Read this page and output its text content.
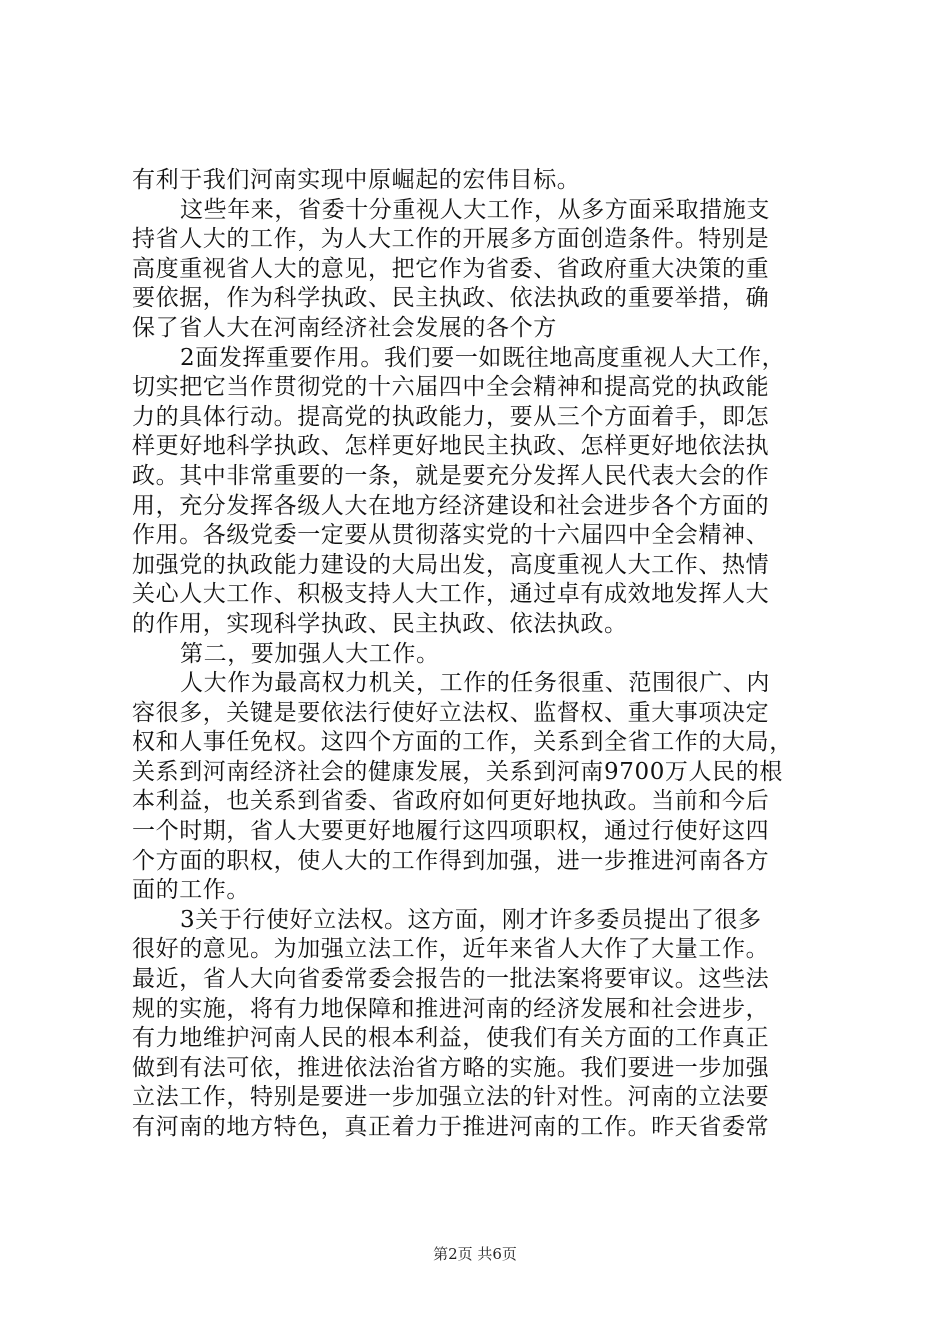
有利于我们河南实现中原崛起的宏伟目标。
这些年来，省委十分重视人大工作，从多方面采取措施支
持省人大的工作，为人大工作的开展多方面创造条件。特别是
高度重视省人大的意见，把它作为省委、省政府重大决策的重
要依据，作为科学执政、民主执政、依法执政的重要举措，确
保了省人大在河南经济社会发展的各个方
2面发挥重要作用。我们要一如既往地高度重视人大工作，
切实把它当作贯彻党的十六届四中全会精神和提高党的执政能
力的具体行动。提高党的执政能力，要从三个方面着手，即怎
样更好地科学执政、怎样更好地民主执政、怎样更好地依法执
政。其中非常重要的一条，就是要充分发挥人民代表大会的作
用，充分发挥各级人大在地方经济建设和社会进步各个方面的
作用。各级党委一定要从贯彻落实党的十六届四中全会精神、
加强党的执政能力建设的大局出发，高度重视人大工作、热情
关心人大工作、积极支持人大工作，通过卓有成效地发挥人大
的作用，实现科学执政、民主执政、依法执政。
第二，要加强人大工作。
人大作为最高权力机关，工作的任务很重、范围很广、内
容很多，关键是要依法行使好立法权、监督权、重大事项决定
权和人事任免权。这四个方面的工作，关系到全省工作的大局，
关系到河南经济社会的健康发展，关系到河南9700万人民的根
本利益，也关系到省委、省政府如何更好地执政。当前和今后
一个时期，省人大要更好地履行这四项职权，通过行使好这四
个方面的职权，使人大的工作得到加强，进一步推进河南各方
面的工作。
3关于行使好立法权。这方面，刚才许多委员提出了很多
很好的意见。为加强立法工作，近年来省人大作了大量工作。
最近，省人大向省委常委会报告的一批法案将要审议。这些法
规的实施，将有力地保障和推进河南的经济发展和社会进步，
有力地维护河南人民的根本利益，使我们有关方面的工作真正
做到有法可依，推进依法治省方略的实施。我们要进一步加强
立法工作，特别是要进一步加强立法的针对性。河南的立法要
有河南的地方特色，真正着力于推进河南的工作。昨天省委常
第2页 共6页
